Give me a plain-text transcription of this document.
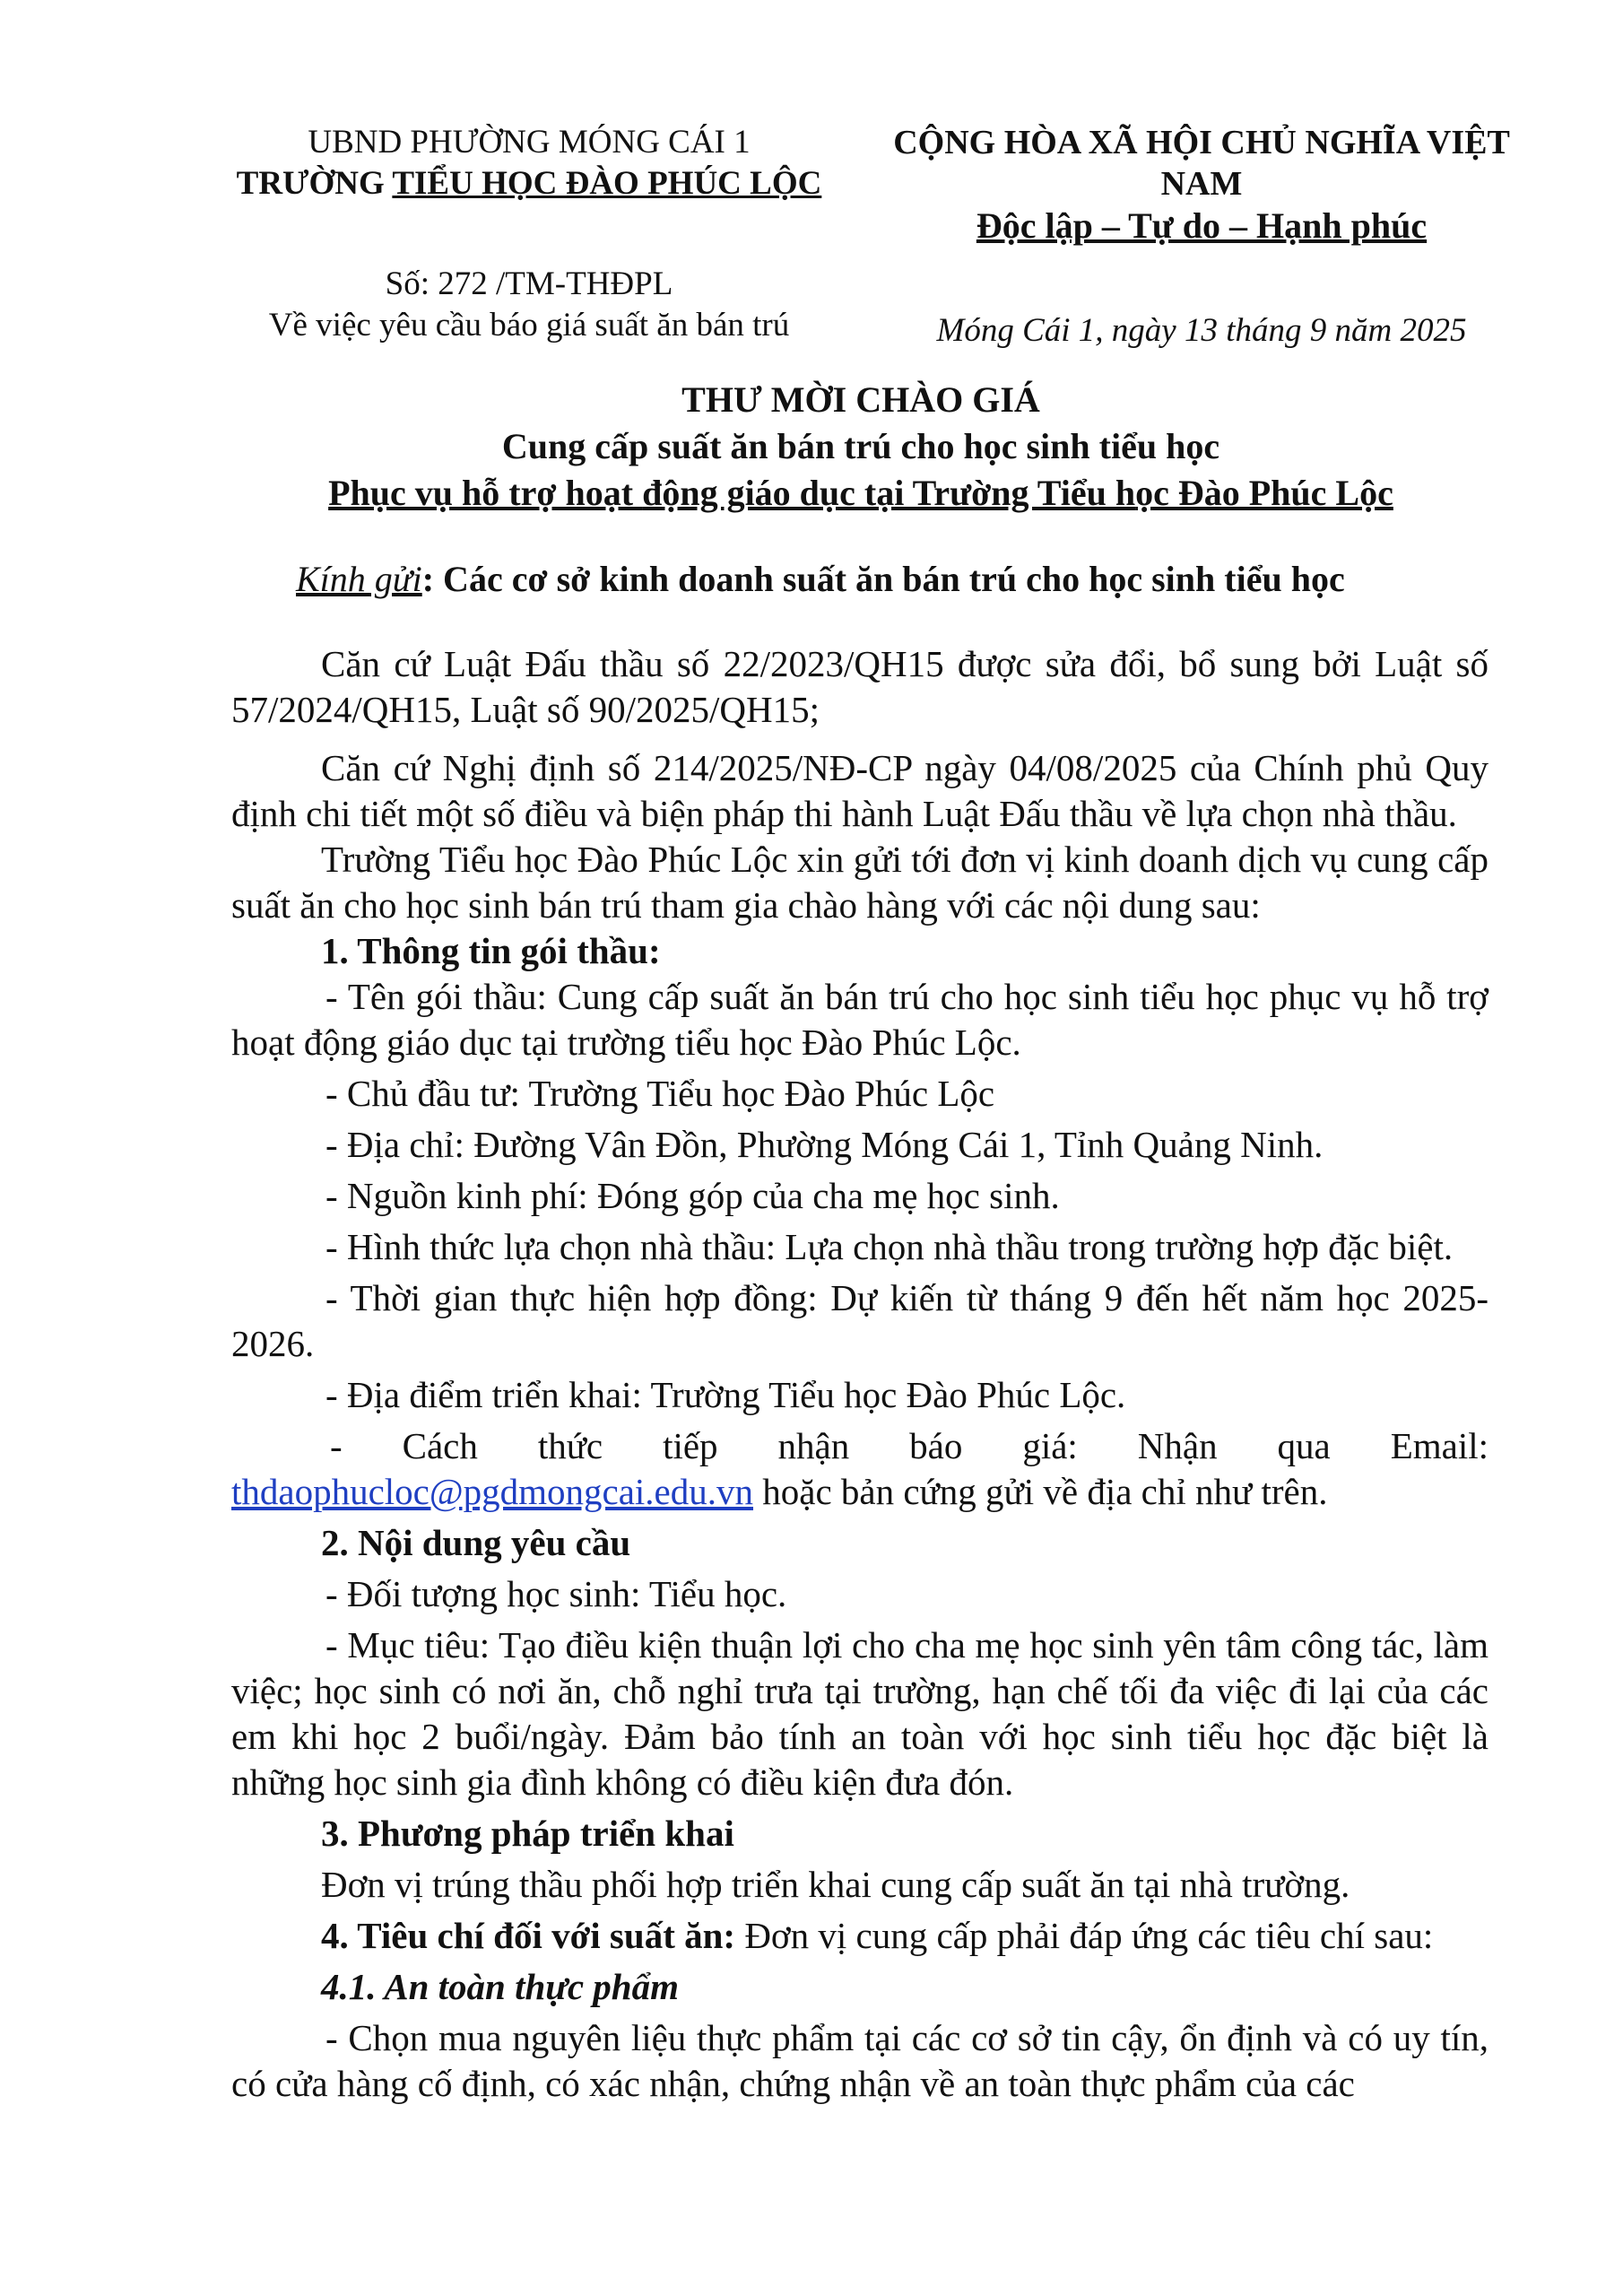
UBND PHƯỜNG MÓNG CÁI 1

TRƯỜNG TIỂU HỌC ĐÀO PHÚC LỘC

Số: 272 /TM-THĐPL

Về việc yêu cầu báo giá suất ăn bán trú

CỘNG HÒA XÃ HỘI CHỦ NGHĨA VIỆT NAM

Độc lập – Tự do – Hạnh phúc

Móng Cái 1, ngày 13 tháng 9 năm 2025

THƯ MỜI CHÀO GIÁ

Cung cấp suất ăn bán trú cho học sinh tiểu học

Phục vụ hỗ trợ hoạt động giáo dục tại Trường Tiểu học Đào Phúc Lộc

Kính gửi: Các cơ sở kinh doanh suất ăn bán trú cho học sinh tiểu học

Căn cứ Luật Đấu thầu số 22/2023/QH15 được sửa đổi, bổ sung bởi Luật số 57/2024/QH15, Luật số 90/2025/QH15;

Căn cứ Nghị định số 214/2025/NĐ-CP ngày 04/08/2025 của Chính phủ Quy định chi tiết một số điều và biện pháp thi hành Luật Đấu thầu về lựa chọn nhà thầu.

Trường Tiểu học Đào Phúc Lộc xin gửi tới đơn vị kinh doanh dịch vụ cung cấp suất ăn cho học sinh bán trú tham gia chào hàng với các nội dung sau:

1. Thông tin gói thầu:

- Tên gói thầu: Cung cấp suất ăn bán trú cho học sinh tiểu học phục vụ hỗ trợ hoạt động giáo dục tại trường tiểu học Đào Phúc Lộc.

- Chủ đầu tư: Trường Tiểu học Đào Phúc Lộc

- Địa chỉ: Đường Vân Đồn, Phường Móng Cái 1, Tỉnh Quảng Ninh.

- Nguồn kinh phí: Đóng góp của cha mẹ học sinh.

- Hình thức lựa chọn nhà thầu: Lựa chọn nhà thầu trong trường hợp đặc biệt.

- Thời gian thực hiện hợp đồng: Dự kiến từ tháng 9 đến hết năm học 2025-2026.

- Địa điểm triển khai: Trường Tiểu học Đào Phúc Lộc.

- Cách thức tiếp nhận báo giá: Nhận qua Email:

thdaophucloc@pgdmongcai.edu.vn hoặc bản cứng gửi về địa chỉ như trên.

2. Nội dung yêu cầu

- Đối tượng học sinh: Tiểu học.

- Mục tiêu: Tạo điều kiện thuận lợi cho cha mẹ học sinh yên tâm công tác, làm việc; học sinh có nơi ăn, chỗ nghỉ trưa tại trường, hạn chế tối đa việc đi lại của các em khi học 2 buổi/ngày. Đảm bảo tính an toàn với học sinh tiểu học đặc biệt là những học sinh gia đình không có điều kiện đưa đón.

3. Phương pháp triển khai

Đơn vị trúng thầu phối hợp triển khai cung cấp suất ăn tại nhà trường.

4. Tiêu chí đối với suất ăn: Đơn vị cung cấp phải đáp ứng các tiêu chí sau:

4.1. An toàn thực phẩm

- Chọn mua nguyên liệu thực phẩm tại các cơ sở tin cậy, ổn định và có uy tín, có cửa hàng cố định, có xác nhận, chứng nhận về an toàn thực phẩm của các
